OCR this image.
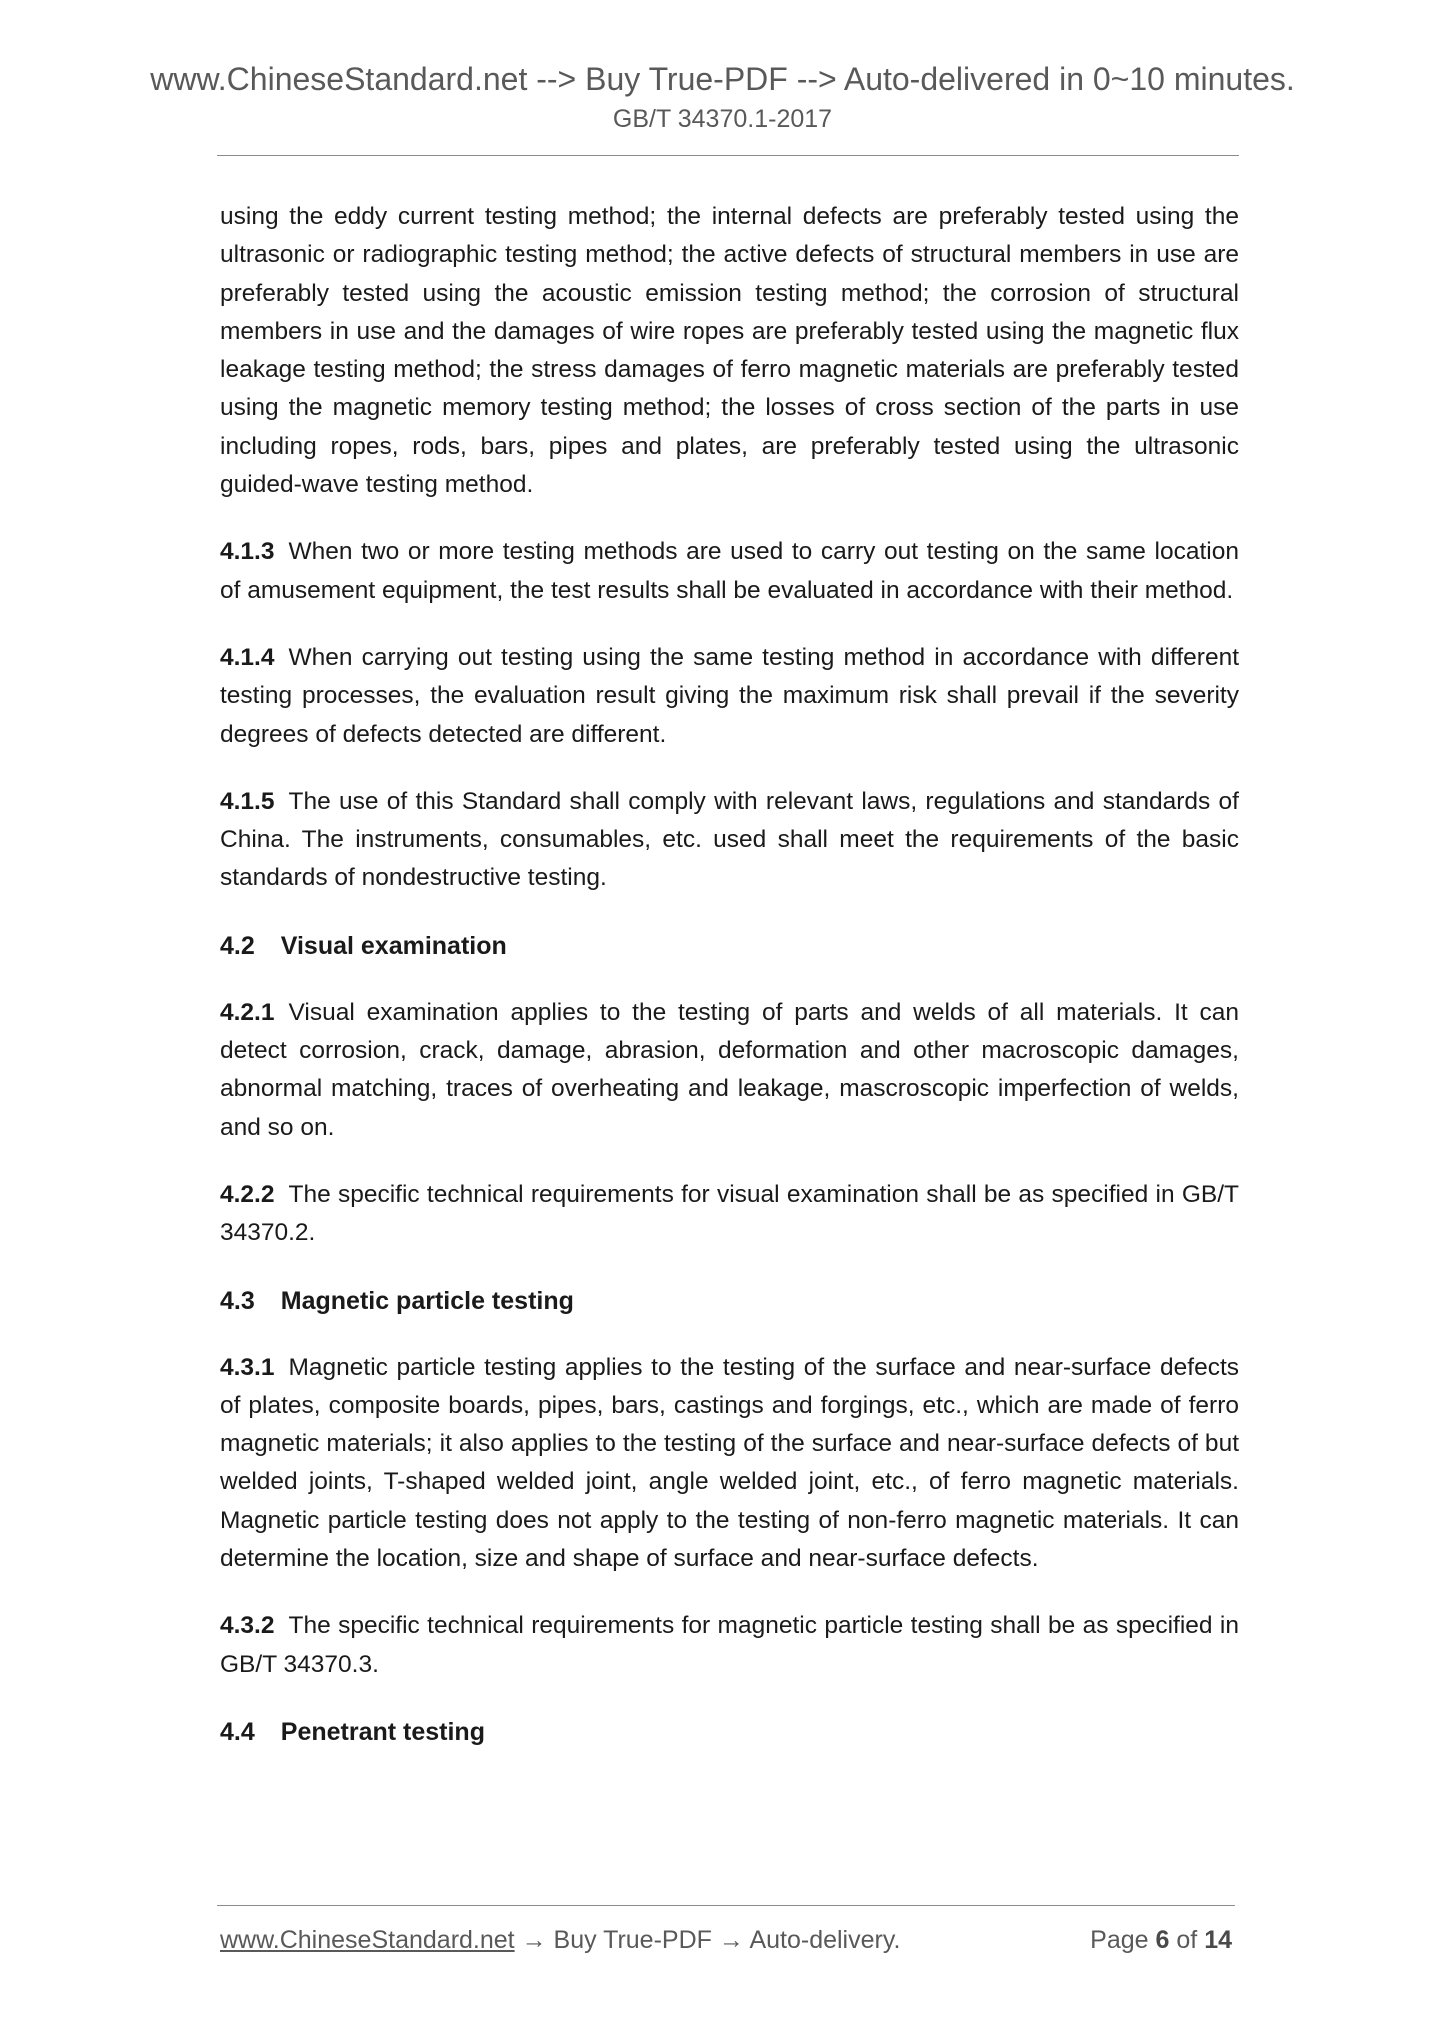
www.ChineseStandard.net --> Buy True-PDF --> Auto-delivered in 0~10 minutes.
GB/T 34370.1-2017

using the eddy current testing method; the internal defects are preferably tested using the ultrasonic or radiographic testing method; the active defects of structural members in use are preferably tested using the acoustic emission testing method; the corrosion of structural members in use and the damages of wire ropes are preferably tested using the magnetic flux leakage testing method; the stress damages of ferro magnetic materials are preferably tested using the magnetic memory testing method; the losses of cross section of the parts in use including ropes, rods, bars, pipes and plates, are preferably tested using the ultrasonic guided-wave testing method.

4.1.3 When two or more testing methods are used to carry out testing on the same location of amusement equipment, the test results shall be evaluated in accordance with their method.

4.1.4 When carrying out testing using the same testing method in accordance with different testing processes, the evaluation result giving the maximum risk shall prevail if the severity degrees of defects detected are different.

4.1.5 The use of this Standard shall comply with relevant laws, regulations and standards of China. The instruments, consumables, etc. used shall meet the requirements of the basic standards of nondestructive testing.

4.2 Visual examination

4.2.1 Visual examination applies to the testing of parts and welds of all materials. It can detect corrosion, crack, damage, abrasion, deformation and other macroscopic damages, abnormal matching, traces of overheating and leakage, mascroscopic imperfection of welds, and so on.

4.2.2 The specific technical requirements for visual examination shall be as specified in GB/T 34370.2.

4.3 Magnetic particle testing

4.3.1 Magnetic particle testing applies to the testing of the surface and near-surface defects of plates, composite boards, pipes, bars, castings and forgings, etc., which are made of ferro magnetic materials; it also applies to the testing of the surface and near-surface defects of but welded joints, T-shaped welded joint, angle welded joint, etc., of ferro magnetic materials. Magnetic particle testing does not apply to the testing of non-ferro magnetic materials. It can determine the location, size and shape of surface and near-surface defects.

4.3.2 The specific technical requirements for magnetic particle testing shall be as specified in GB/T 34370.3.

4.4 Penetrant testing
www.ChineseStandard.net → Buy True-PDF → Auto-delivery.	Page 6 of 14
